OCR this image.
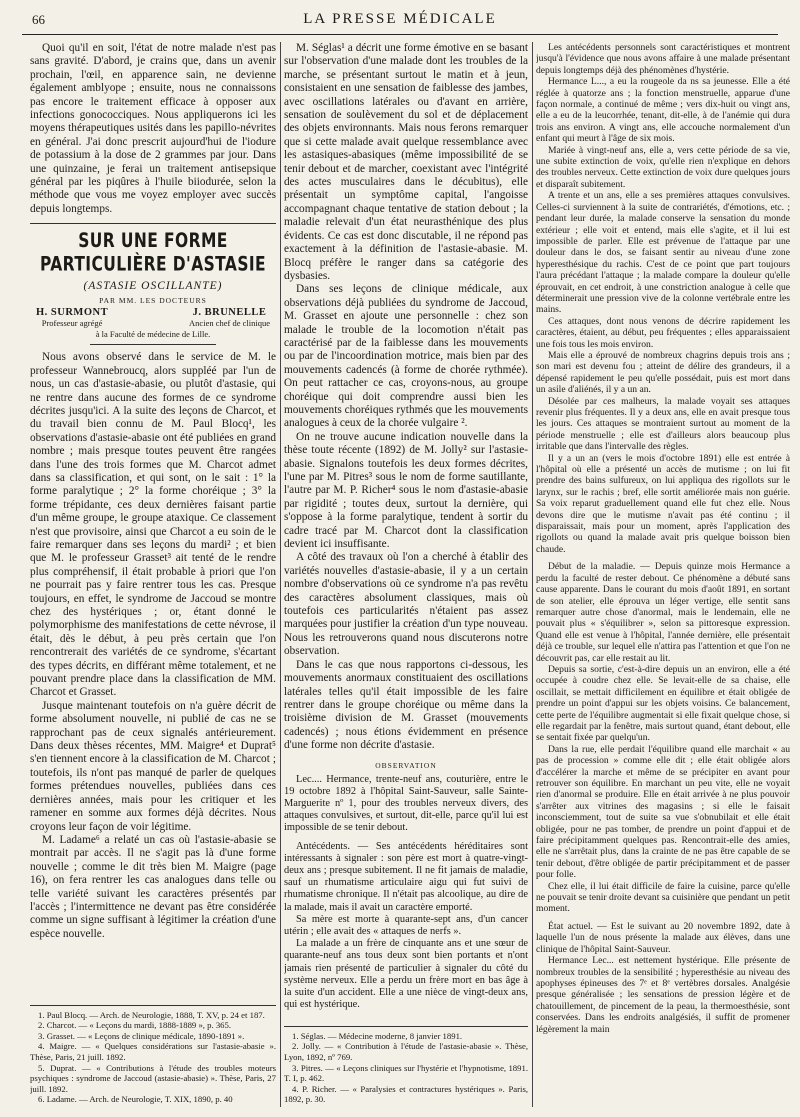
66	LA PRESSE MÉDICALE

Quoi qu'il en soit, l'état de notre malade n'est pas sans gravité. D'abord, je crains que, dans un avenir prochain, l'œil, en apparence sain, ne devienne également amblyope ; ensuite, nous ne connaissons pas encore le traitement efficace à opposer aux infections gonococciques. Nous appliquerons ici les moyens thérapeutiques usités dans les papillo-névrites en général. J'ai donc prescrit aujourd'hui de l'iodure de potassium à la dose de 2 grammes par jour. Dans une quinzaine, je ferai un traitement antisepsique général par les piqûres à l'huile biiodurée, selon la méthode que vous me voyez employer avec succès depuis longtemps.

SUR UNE FORME PARTICULIÈRE D'ASTASIE
(ASTASIE OSCILLANTE)
PAR MM. LES DOCTEURS
H. SURMONT
Professeur agrégé
J. BRUNELLE
Ancien chef de clinique
à la Faculté de médecine de Lille.

Nous avons observé dans le service de M. le professeur Wannebroucq, alors suppléé par l'un de nous, un cas d'astasie-abasie, ou plutôt d'astasie, qui ne rentre dans aucune des formes de ce syndrome décrites jusqu'ici. A la suite des leçons de Charcot, et du travail bien connu de M. Paul Blocq¹, les observations d'astasie-abasie ont été publiées en grand nombre ; mais presque toutes peuvent être rangées dans l'une des trois formes que M. Charcot admet dans sa classification, et qui sont, on le sait : 1° la forme paralytique ; 2° la forme choréique ; 3° la forme trépidante, ces deux dernières faisant partie d'un même groupe, le groupe ataxique. Ce classement n'est que provisoire, ainsi que Charcot a eu soin de le faire remarquer dans ses leçons du mardi² ; et bien que M. le professeur Grasset³ ait tenté de le rendre plus compréhensif, il était probable à priori que l'on ne pourrait pas y faire rentrer tous les cas. Presque toujours, en effet, le syndrome de Jaccoud se montre chez des hystériques ; or, étant donné le polymorphisme des manifestations de cette névrose, il était, dès le début, à peu près certain que l'on rencontrerait des variétés de ce syndrome, s'écartant des types décrits, en différant même totalement, et ne pouvant prendre place dans la classification de MM. Charcot et Grasset.

Jusque maintenant toutefois on n'a guère décrit de forme absolument nouvelle, ni publié de cas ne se rapprochant pas de ceux signalés antérieurement. Dans deux thèses récentes, MM. Maigre⁴ et Duprat⁵ s'en tiennent encore à la classification de M. Charcot ; toutefois, ils n'ont pas manqué de parler de quelques formes prétendues nouvelles, publiées dans ces dernières années, mais pour les critiquer et les ramener en somme aux formes déjà décrites. Nous croyons leur façon de voir légitime.

M. Ladame⁶ a relaté un cas où l'astasie-abasie se montrait par accès. Il ne s'agit pas là d'une forme nouvelle ; comme le dit très bien M. Maigre (page 16), on fera rentrer les cas analogues dans telle ou telle variété suivant les caractères présentés par l'accès ; l'intermittence ne devant pas être considérée comme un signe suffisant à légitimer la création d'une espèce nouvelle.

1. Paul Blocq. — Arch. de Neurologie, 1888, T. XV, p. 24 et 187.

2. Charcot. — « Leçons du mardi, 1888-1889 », p. 365.

3. Grasset. — « Leçons de clinique médicale, 1890-1891 ».

4. Maigre. — « Quelques considérations sur l'astasie-abasie ». Thèse, Paris, 21 juill. 1892.

5. Duprat. — « Contributions à l'étude des troubles moteurs psychiques : syndrome de Jaccoud (astasie-abasie) ». Thèse, Paris, 27 juill. 1892.

6. Ladame. — Arch. de Neurologie, T. XIX, 1890, p. 40

M. Séglas¹ a décrit une forme émotive en se basant sur l'observation d'une malade dont les troubles de la marche, se présentant surtout le matin et à jeun, consistaient en une sensation de faiblesse des jambes, avec oscillations latérales ou d'avant en arrière, sensation de soulèvement du sol et de déplacement des objets environnants. Mais nous ferons remarquer que si cette malade avait quelque ressemblance avec les astasiques-abasiques (même impossibilité de se tenir debout et de marcher, coexistant avec l'intégrité des actes musculaires dans le décubitus), elle présentait un symptôme capital, l'angoisse accompagnant chaque tentative de station debout ; la maladie relevait d'un état neurasthénique des plus évidents. Ce cas est donc discutable, il ne répond pas exactement à la définition de l'astasie-abasie. M. Blocq préfère le ranger dans sa catégorie des dysbasies.

Dans ses leçons de clinique médicale, aux observations déjà publiées du syndrome de Jaccoud, M. Grasset en ajoute une personnelle : chez son malade le trouble de la locomotion n'était pas caractérisé par de la faiblesse dans les mouvements ou par de l'incoordination motrice, mais bien par des mouvements cadencés (à forme de chorée rythmée). On peut rattacher ce cas, croyons-nous, au groupe choréique qui doit comprendre aussi bien les mouvements choréiques rythmés que les mouvements analogues à ceux de la chorée vulgaire ².

On ne trouve aucune indication nouvelle dans la thèse toute récente (1892) de M. Jolly² sur l'astasie-abasie. Signalons toutefois les deux formes décrites, l'une par M. Pitres³ sous le nom de forme sautillante, l'autre par M. P. Richer⁴ sous le nom d'astasie-abasie par rigidité ; toutes deux, surtout la dernière, qui s'oppose à la forme paralytique, tendent à sortir du cadre tracé par M. Charcot dont la classification devient ici insuffisante.

A côté des travaux où l'on a cherché à établir des variétés nouvelles d'astasie-abasie, il y a un certain nombre d'observations où ce syndrome n'a pas revêtu des caractères absolument classiques, mais où toutefois ces particularités n'étaient pas assez marquées pour justifier la création d'un type nouveau. Nous les retrouverons quand nous discuterons notre observation.

Dans le cas que nous rapportons ci-dessous, les mouvements anormaux constituaient des oscillations latérales telles qu'il était impossible de les faire rentrer dans le groupe choréique ou même dans la troisième division de M. Grasset (mouvements cadencés) ; nous étions évidemment en présence d'une forme non décrite d'astasie.

OBSERVATION

Lec.... Hermance, trente-neuf ans, couturière, entre le 19 octobre 1892 à l'hôpital Saint-Sauveur, salle Sainte-Marguerite nº 1, pour des troubles nerveux divers, des attaques convulsives, et surtout, dit-elle, parce qu'il lui est impossible de se tenir debout.

Antécédents. — Ses antécédents héréditaires sont intéressants à signaler : son père est mort à quatre-vingt-deux ans ; presque subitement. Il ne fit jamais de maladie, sauf un rhumatisme articulaire aigu qui fut suivi de rhumatisme chronique. Il n'était pas alcoolique, au dire de la malade, mais il avait un caractère emporté.

Sa mère est morte à quarante-sept ans, d'un cancer utérin ; elle avait des « attaques de nerfs ».

La malade a un frère de cinquante ans et une sœur de quarante-neuf ans tous deux sont bien portants et n'ont jamais rien présenté de particulier à signaler du côté du système nerveux. Elle a perdu un frère mort en bas âge à la suite d'un accident. Elle a une nièce de vingt-deux ans, qui est hystérique.

1. Séglas. — Médecine moderne, 8 janvier 1891.

2. Jolly. — « Contribution à l'étude de l'astasie-abasie ». Thèse, Lyon, 1892, nº 769.

3. Pitres. — « Leçons cliniques sur l'hystérie et l'hypnotisme, 1891. T. I, p. 462.

4. P. Richer. — « Paralysies et contractures hystériques ». Paris, 1892, p. 30.

Les antécédents personnels sont caractéristiques et montrent jusqu'à l'évidence que nous avons affaire à une malade présentant depuis longtemps déjà des phénomènes d'hystérie.

Hermance L..., a eu la rougeole da ns sa jeunesse. Elle a été réglée à quatorze ans ; la fonction menstruelle, apparue d'une façon normale, a continué de même ; vers dix-huit ou vingt ans, elle a eu de la leucorrhée, tenant, dit-elle, à de l'anémie qui dura trois ans environ. A vingt ans, elle accouche normalement d'un enfant qui meurt à l'âge de six mois.

Mariée à vingt-neuf ans, elle a, vers cette période de sa vie, une subite extinction de voix, qu'elle rien n'explique en dehors des troubles nerveux. Cette extinction de voix dure quelques jours et disparaît subitement.

A trente et un ans, elle a ses premières attaques convulsives. Celles-ci surviennent à la suite de contrariétés, d'émotions, etc. ; pendant leur durée, la malade conserve la sensation du monde extérieur ; elle voit et entend, mais elle s'agite, et il lui est impossible de parler. Elle est prévenue de l'attaque par une douleur dans le dos, se faisant sentir au niveau d'une zone hyperesthésique du rachis. C'est de ce point que part toujours l'aura précédant l'attaque ; la malade compare la douleur qu'elle éprouvait, en cet endroit, à une constriction analogue à celle que déterminerait une pression vive de la colonne vertébrale entre les mains.

Ces attaques, dont nous venons de décrire rapidement les caractères, étaient, au début, peu fréquentes ; elles apparaissaient une fois tous les mois environ.

Mais elle a éprouvé de nombreux chagrins depuis trois ans ; son mari est devenu fou ; atteint de délire des grandeurs, il a dépensé rapidement le peu qu'elle possédait, puis est mort dans un asile d'aliénés, il y a un an.

Désolée par ces malheurs, la malade voyait ses attaques revenir plus fréquentes. Il y a deux ans, elle en avait presque tous les jours. Ces attaques se montraient surtout au moment de la période menstruelle ; elle est d'ailleurs alors beaucoup plus irritable que dans l'intervalle des règles.

Il y a un an (vers le mois d'octobre 1891) elle est entrée à l'hôpital où elle a présenté un accès de mutisme ; on lui fit prendre des bains sulfureux, on lui appliqua des rigollots sur le larynx, sur le rachis ; bref, elle sortit améliorée mais non guérie. Sa voix reparut graduellement quand elle fut chez elle. Nous devons dire que le mutisme n'avait pas été continu ; il disparaissait, mais pour un moment, après l'application des rigollots ou quand la malade avait pris quelque boisson bien chaude.

Début de la maladie. — Depuis quinze mois Hermance a perdu la faculté de rester debout. Ce phénomène a débuté sans cause apparente. Dans le courant du mois d'août 1891, en sortant de son atelier, elle éprouva un léger vertige, elle sentit sans remarquer autre chose d'anormal, mais le lendemain, elle ne pouvait plus « s'équilibrer », selon sa pittoresque expression. Quand elle est venue à l'hôpital, l'année dernière, elle présentait déjà ce trouble, sur lequel elle n'attira pas l'attention et que l'on ne découvrit pas, car elle restait au lit.

Depuis sa sortie, c'est-à-dire depuis un an environ, elle a été occupée à coudre chez elle. Se levait-elle de sa chaise, elle oscillait, se mettait difficilement en équilibre et était obligée de prendre un point d'appui sur les objets voisins. Ce balancement, cette perte de l'équilibre augmentait si elle fixait quelque chose, si elle regardait par la fenêtre, mais surtout quand, étant debout, elle se sentait fixée par quelqu'un.

Dans la rue, elle perdait l'équilibre quand elle marchait « au pas de procession » comme elle dit ; elle était obligée alors d'accélérer la marche et même de se précipiter en avant pour retrouver son équilibre. En marchant un peu vite, elle ne voyait rien d'anormal se produire. Elle en était arrivée à ne plus pouvoir s'arrêter aux vitrines des magasins ; si elle le faisait inconsciemment, tout de suite sa vue s'obnubilait et elle était obligée, pour ne pas tomber, de prendre un point d'appui et de faire précipitamment quelques pas. Rencontrait-elle des amies, elle ne s'arrêtait plus, dans la crainte de ne pas être capable de se tenir debout, d'être obligée de partir précipitamment et de passer pour folle.

Chez elle, il lui était difficile de faire la cuisine, parce qu'elle ne pouvait se tenir droite devant sa cuisinière que pendant un petit moment.

État actuel. — Est le suivant au 20 novembre 1892, date à laquelle l'un de nous présente la malade aux élèves, dans une clinique de l'hôpital Saint-Sauveur.

Hermance Lec... est nettement hystérique. Elle présente de nombreux troubles de la sensibilité ; hyperesthésie au niveau des apophyses épineuses des 7ᵉ et 8ᵉ vertèbres dorsales. Analgésie presque généralisée ; les sensations de pression légère et de chatouillement, de pincement de la peau, la thermoesthésie, sont conservées. Dans les endroits analgésiés, il suffit de promener légèrement la main
